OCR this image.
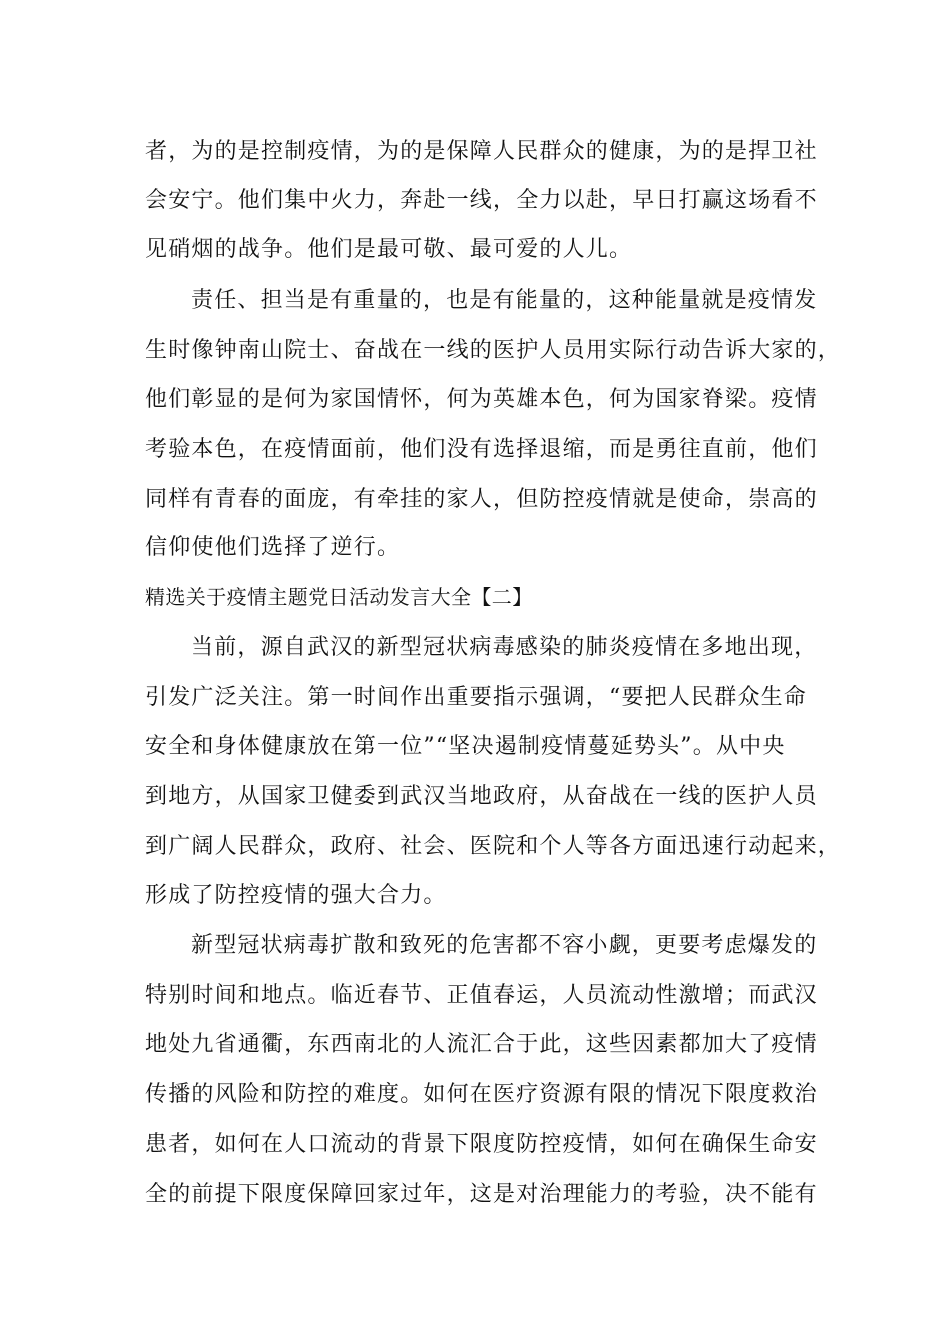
者，为的是控制疫情，为的是保障人民群众的健康，为的是捍卫社
会安宁。他们集中火力，奔赴一线，全力以赴，早日打赢这场看不
见硝烟的战争。他们是最可敬、最可爱的人儿。
责任、担当是有重量的，也是有能量的，这种能量就是疫情发
生时像钟南山院士、奋战在一线的医护人员用实际行动告诉大家的，
他们彰显的是何为家国情怀，何为英雄本色，何为国家脊梁。疫情
考验本色，在疫情面前，他们没有选择退缩，而是勇往直前，他们
同样有青春的面庞，有牵挂的家人，但防控疫情就是使命，崇高的
信仰使他们选择了逆行。
精选关于疫情主题党日活动发言大全【二】
当前，源自武汉的新型冠状病毒感染的肺炎疫情在多地出现，
引发广泛关注。第一时间作出重要指示强调，“要把人民群众生命
安全和身体健康放在第一位”“坚决遏制疫情蔓延势头”。从中央
到地方，从国家卫健委到武汉当地政府，从奋战在一线的医护人员
到广阔人民群众，政府、社会、医院和个人等各方面迅速行动起来，
形成了防控疫情的强大合力。
新型冠状病毒扩散和致死的危害都不容小觑，更要考虑爆发的
特别时间和地点。临近春节、正值春运，人员流动性激增；而武汉
地处九省通衢，东西南北的人流汇合于此，这些因素都加大了疫情
传播的风险和防控的难度。如何在医疗资源有限的情况下限度救治
患者，如何在人口流动的背景下限度防控疫情，如何在确保生命安
全的前提下限度保障回家过年，这是对治理能力的考验，决不能有
